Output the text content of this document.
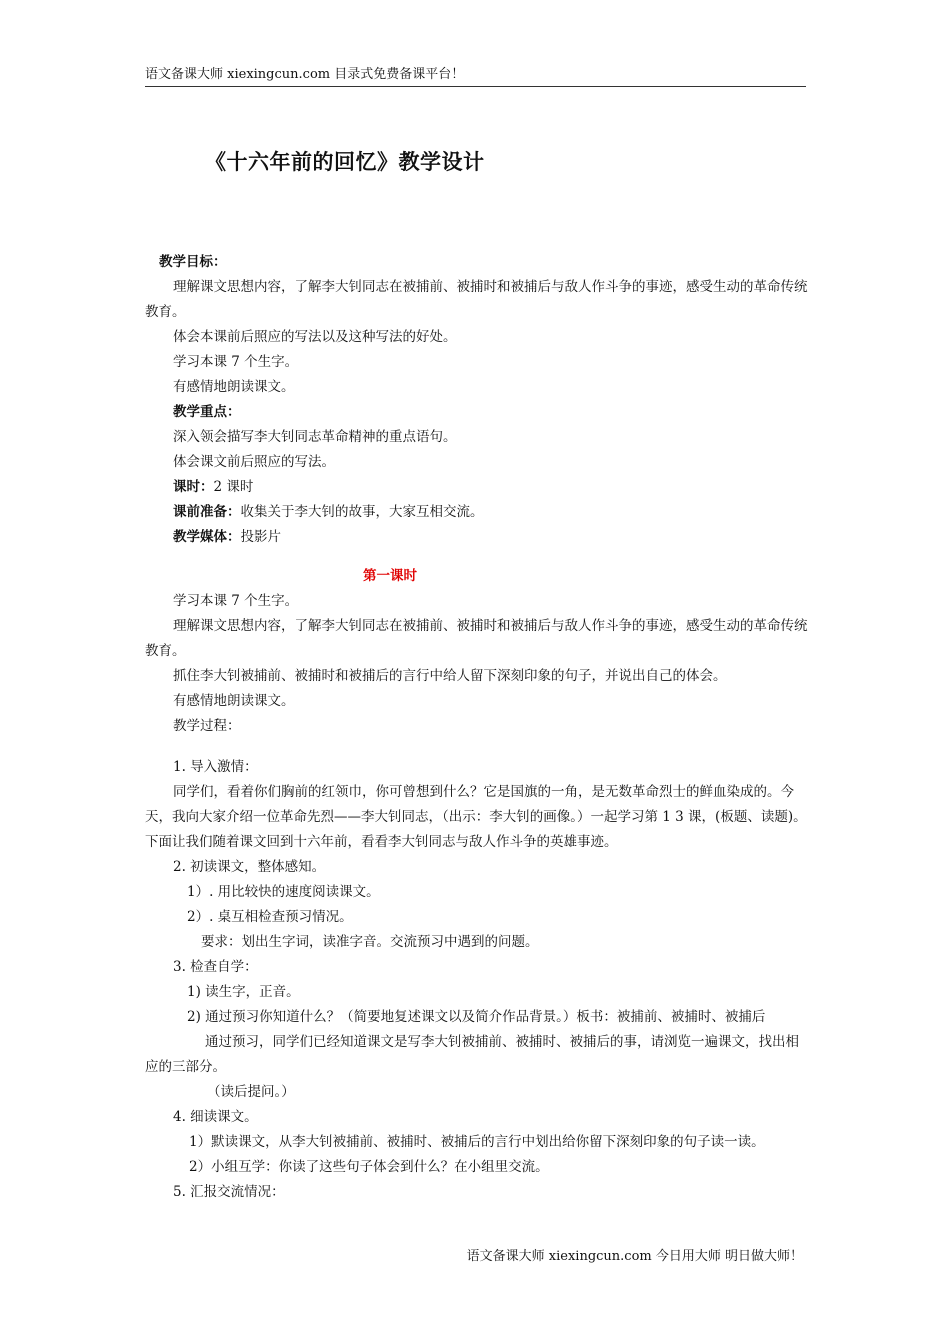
语文备课大师 xiexingcun.com 目录式免费备课平台！
《十六年前的回忆》教学设计

教学目标：

理解课文思想内容，了解李大钊同志在被捕前、被捕时和被捕后与敌人作斗争的事迹，感受生动的革命传统教育。

体会本课前后照应的写法以及这种写法的好处。

学习本课 7 个生字。

有感情地朗读课文。

教学重点：

深入领会描写李大钊同志革命精神的重点语句。

体会课文前后照应的写法。

课时：2 课时

课前准备：收集关于李大钊的故事，大家互相交流。

教学媒体：投影片

第一课时

学习本课 7 个生字。

理解课文思想内容，了解李大钊同志在被捕前、被捕时和被捕后与敌人作斗争的事迹，感受生动的革命传统教育。

抓住李大钊被捕前、被捕时和被捕后的言行中给人留下深刻印象的句子，并说出自己的体会。

有感情地朗读课文。

教学过程：

1. 导入激情：

同学们，看着你们胸前的红领巾，你可曾想到什么？它是国旗的一角，是无数革命烈士的鲜血染成的。今天，我向大家介绍一位革命先烈——李大钊同志，（出示：李大钊的画像。）一起学习第 1 3 课，(板题、读题)。下面让我们随着课文回到十六年前，看看李大钊同志与敌人作斗争的英雄事迹。

2. 初读课文，整体感知。

1）. 用比较快的速度阅读课文。

2）. 桌互相检查预习情况。

要求：划出生字词，读准字音。交流预习中遇到的问题。

3. 检查自学：

1) 读生字，正音。

2) 通过预习你知道什么？（简要地复述课文以及简介作品背景。）板书：被捕前、被捕时、被捕后

通过预习，同学们已经知道课文是写李大钊被捕前、被捕时、被捕后的事，请浏览一遍课文，找出相应的三部分。

（读后提问。）

4. 细读课文。

1）默读课文，从李大钊被捕前、被捕时、被捕后的言行中划出给你留下深刻印象的句子读一读。

2）小组互学：你读了这些句子体会到什么？在小组里交流。

5. 汇报交流情况：

语文备课大师 xiexingcun.com 今日用大师 明日做大师！
